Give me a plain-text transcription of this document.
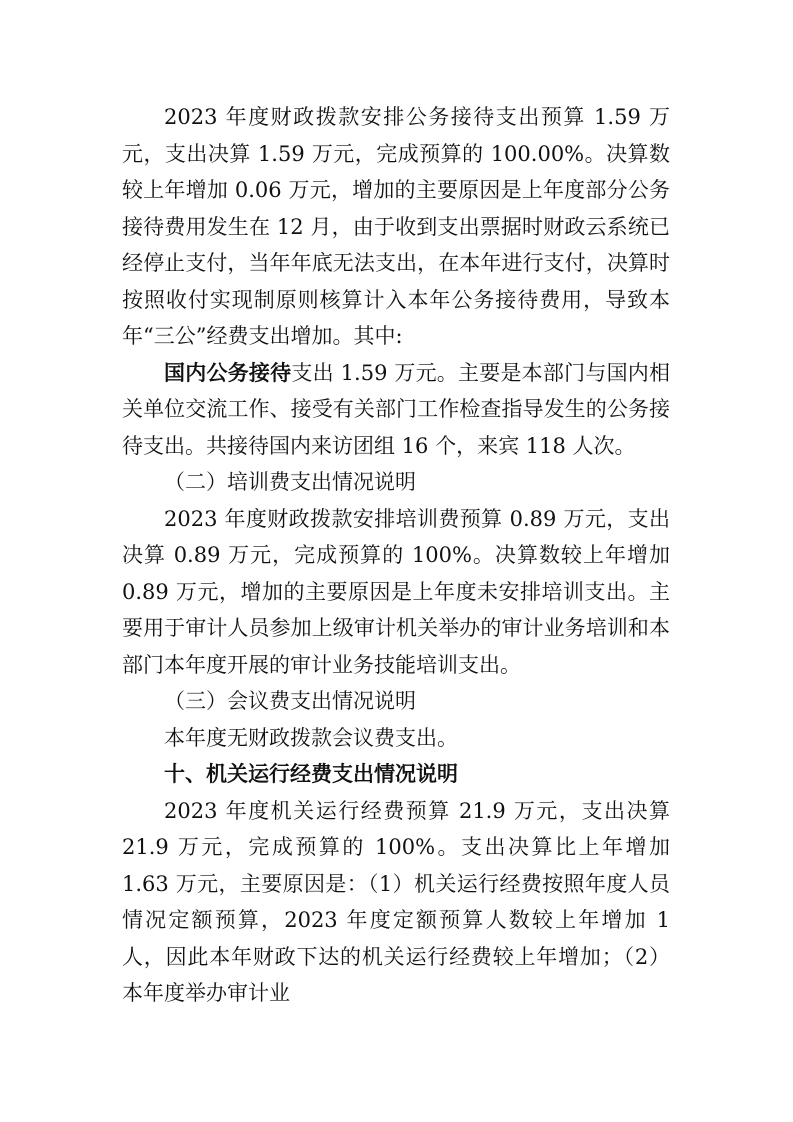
2023 年度财政拨款安排公务接待支出预算 1.59 万元，支出决算 1.59 万元，完成预算的 100.00%。决算数较上年增加 0.06 万元，增加的主要原因是上年度部分公务接待费用发生在 12 月，由于收到支出票据时财政云系统已经停止支付，当年年底无法支出，在本年进行支付，决算时按照收付实现制原则核算计入本年公务接待费用，导致本年“三公”经费支出增加。其中:

国内公务接待支出 1.59 万元。主要是本部门与国内相关单位交流工作、接受有关部门工作检查指导发生的公务接待支出。共接待国内来访团组 16 个，来宾 118 人次。

（二）培训费支出情况说明

2023 年度财政拨款安排培训费预算 0.89 万元，支出决算 0.89 万元，完成预算的 100%。决算数较上年增加 0.89 万元，增加的主要原因是上年度未安排培训支出。主要用于审计人员参加上级审计机关举办的审计业务培训和本部门本年度开展的审计业务技能培训支出。

（三）会议费支出情况说明

本年度无财政拨款会议费支出。

十、机关运行经费支出情况说明

2023 年度机关运行经费预算 21.9 万元，支出决算 21.9 万元，完成预算的 100%。支出决算比上年增加 1.63 万元，主要原因是：（1）机关运行经费按照年度人员情况定额预算，2023 年度定额预算人数较上年增加 1 人，因此本年财政下达的机关运行经费较上年增加；（2）本年度举办审计业
